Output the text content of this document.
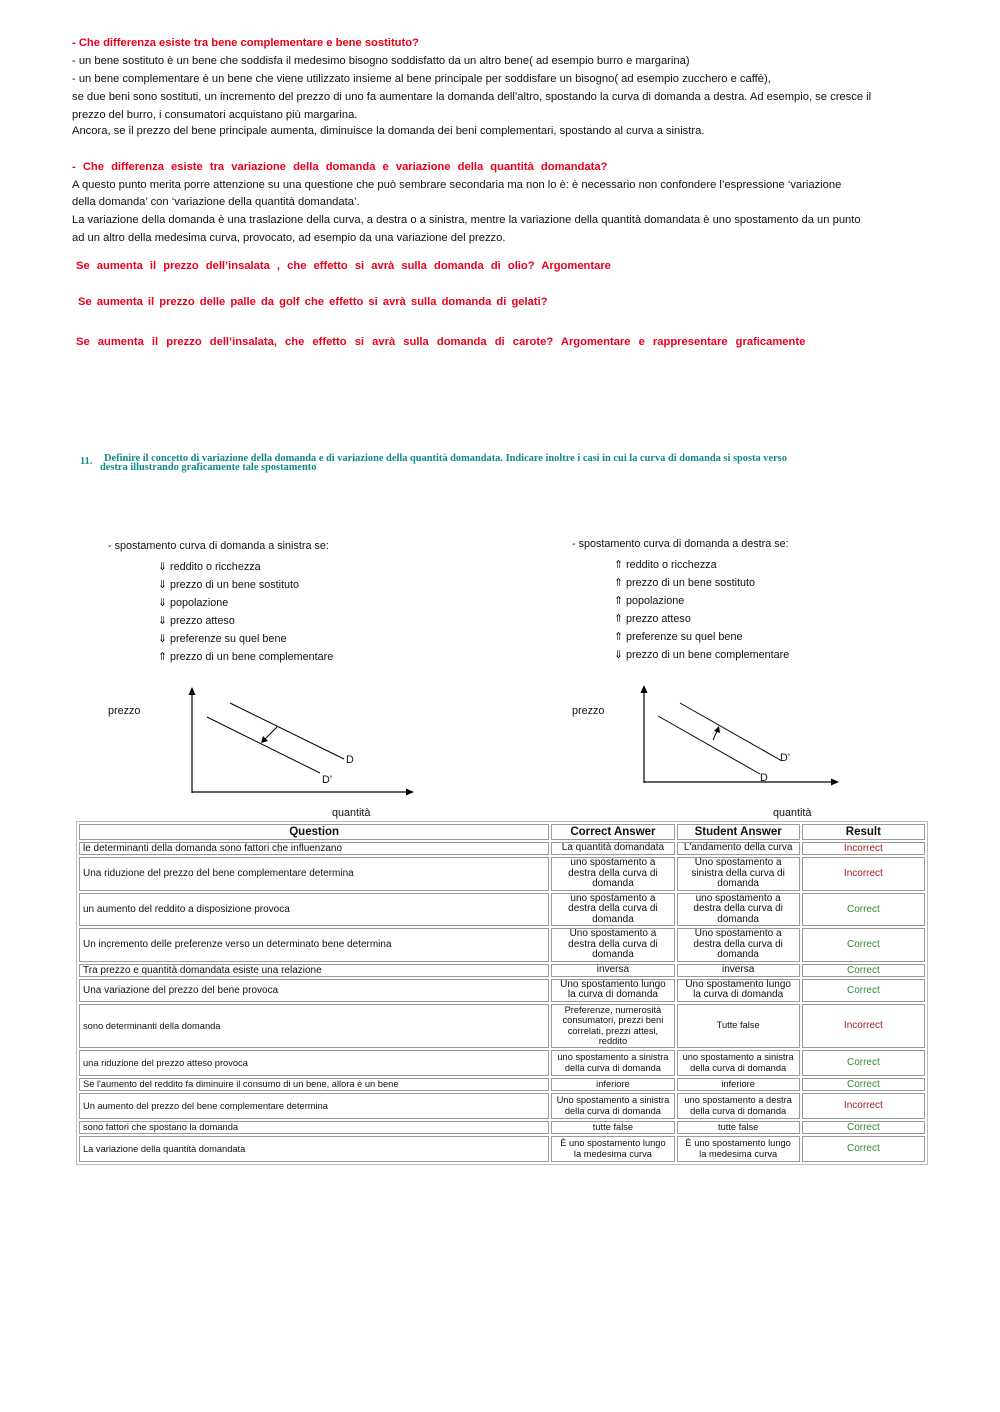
- Che differenza esiste tra bene complementare e bene sostituto?
- un bene sostituto è un bene che soddisfa il medesimo bisogno soddisfatto da un altro bene( ad esempio burro e margarina)
- un bene complementare è un bene che viene utilizzato insieme al bene principale per soddisfare un bisogno( ad esempio zucchero e caffè),
se due beni sono sostituti, un incremento del prezzo di uno fa aumentare la domanda dell’altro, spostando la curva di domanda a destra. Ad esempio, se cresce il
prezzo del burro, i consumatori acquistano più margarina.
Ancora, se il prezzo del bene principale aumenta, diminuisce la domanda dei beni complementari, spostando al curva a sinistra.
- Che differenza esiste tra variazione della domanda e variazione della quantità domandata?
A questo punto merita porre attenzione su una questione che può sembrare secondaria ma non lo è: è necessario non confondere l’espressione ‘variazione
della domanda’ con ‘variazione della quantità domandata’.
La variazione della domanda è una traslazione della curva, a destra o a sinistra, mentre la variazione della quantità domandata è uno spostamento da un punto
ad un altro della medesima curva, provocato, ad esempio da una variazione del prezzo.
Se aumenta il prezzo dell’insalata , che effetto si avrà sulla domanda di olio? Argomentare
Se aumenta il prezzo delle palle da golf che effetto si avrà sulla domanda di gelati?
Se aumenta il prezzo dell’insalata, che effetto si avrà sulla domanda di carote? Argomentare e rappresentare graficamente
11. Definire il concetto di variazione della domanda e di variazione della quantità domandata. Indicare inoltre i casi in cui la curva di domanda si sposta verso
destra illustrando graficamente tale spostamento
- spostamento curva di domanda a sinistra se:
⇓ reddito o ricchezza
⇓ prezzo di un bene sostituto
⇓ popolazione
⇓ prezzo atteso
⇓ preferenze su quel bene
⇑ prezzo di un bene complementare
- spostamento curva di domanda a destra se:
⇑ reddito o ricchezza
⇑ prezzo di un bene sostituto
⇑ popolazione
⇑ prezzo atteso
⇑ preferenze su quel bene
⇓ prezzo di un bene complementare
prezzo
D
D’
quantità
prezzo
D’
D
quantità
Question	Correct Answer	Student Answer	Result
le determinanti della domanda sono fattori che influenzano	La quantità domandata	L'andamento della curva	Incorrect
Una riduzione del prezzo del bene complementare determina	uno spostamento a destra della curva di domanda	Uno spostamento a sinistra della curva di domanda	Incorrect
un aumento del reddito a disposizione provoca	uno spostamento a destra della curva di domanda	uno spostamento a destra della curva di domanda	Correct
Un incremento delle preferenze verso un determinato bene determina	Uno spostamento a destra della curva di domanda	Uno spostamento a destra della curva di domanda	Correct
Tra prezzo e quantità domandata esiste una relazione	inversa	inversa	Correct
Una variazione del prezzo del bene provoca	Uno spostamento lungo la curva di domanda	Uno spostamento lungo la curva di domanda	Correct
sono determinanti della domanda	Preferenze, numerosità consumatori, prezzi beni correlati, prezzi attesi, reddito	Tutte false	Incorrect
una riduzione del prezzo atteso provoca	uno spostamento a sinistra della curva di domanda	uno spostamento a sinistra della curva di domanda	Correct
Se l'aumento del reddito fa diminuire il consumo di un bene, allora è un bene	inferiore	inferiore	Correct
Un aumento del prezzo del bene complementare determina	Uno spostamento a sinistra della curva di domanda	uno spostamento a destra della curva di domanda	Incorrect
sono fattori che spostano la domanda	tutte false	tutte false	Correct
La variazione della quantità domandata	È uno spostamento lungo la medesima curva	È uno spostamento lungo la medesima curva	Correct
